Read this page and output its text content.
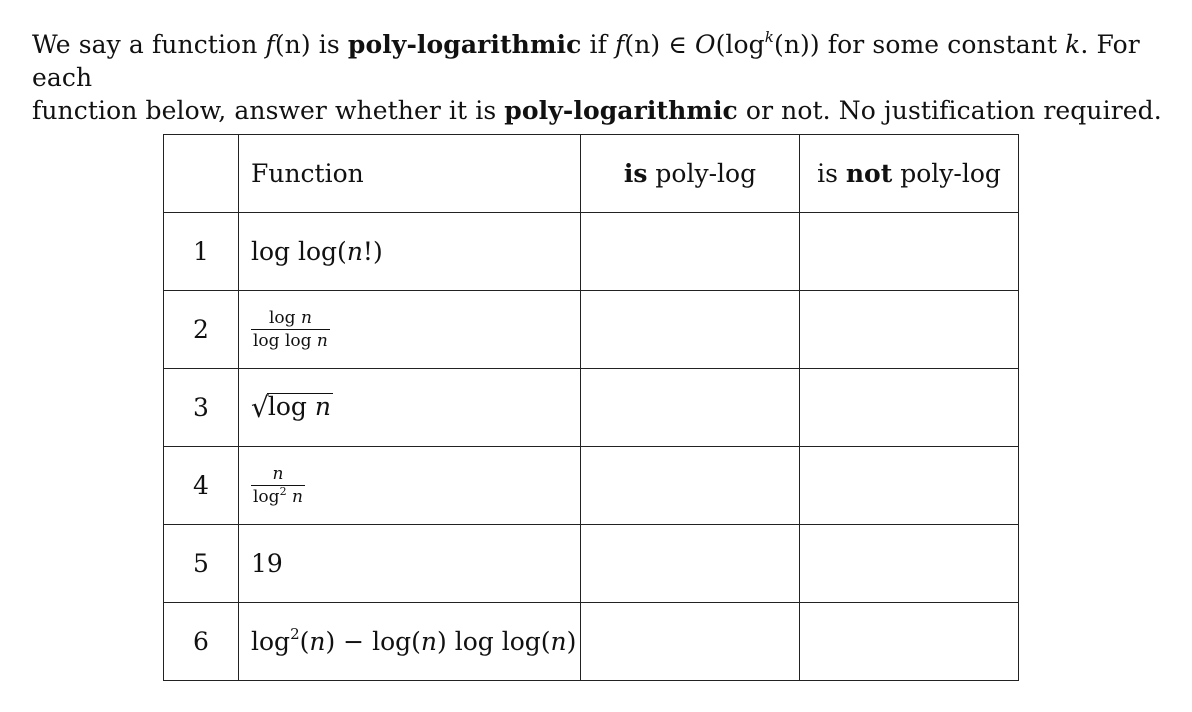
We say a function f(n) is poly-logarithmic if f(n) ∈ $O(\log^k(n))$ for some constant k. For each

function below, answer whether it is poly-logarithmic or not. No justification required.

	Function	is poly-log	is not poly-log
1	log log(n!)		
2	$\frac{\text{log n}}{\text{log log n}}$

3	√log n		
4	$\frac{n}{\log^2 n}$

5	19		
6	$\log^2(n) - \log(n)$ log log(n)		
